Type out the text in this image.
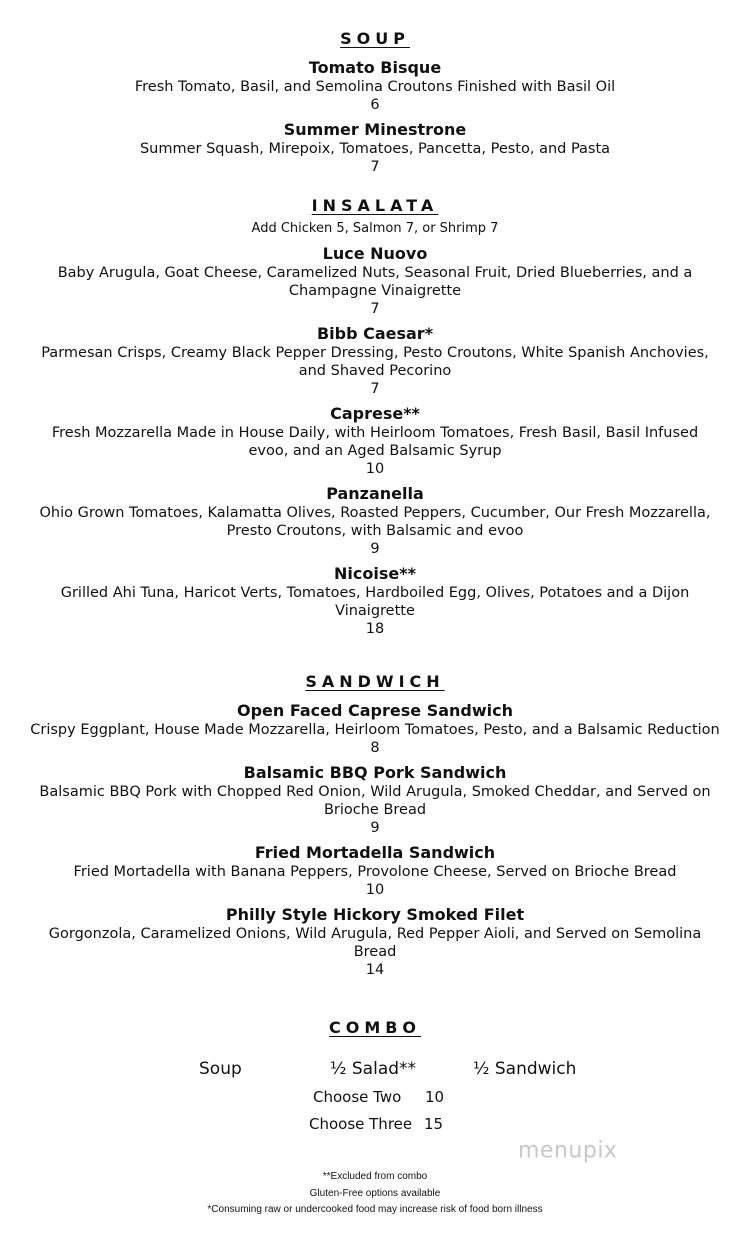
SOUP

Tomato Bisque

Fresh Tomato, Basil, and Semolina Croutons Finished with Basil Oil

6

Summer Minestrone

Summer Squash, Mirepoix, Tomatoes, Pancetta, Pesto, and Pasta

7

INSALATA

Add Chicken 5, Salmon 7, or Shrimp 7

Luce Nuovo

Baby Arugula, Goat Cheese, Caramelized Nuts, Seasonal Fruit, Dried Blueberries, and a Champagne Vinaigrette

7

Bibb Caesar*

Parmesan Crisps, Creamy Black Pepper Dressing, Pesto Croutons, White Spanish Anchovies, and Shaved Pecorino

7

Caprese**

Fresh Mozzarella Made in House Daily, with Heirloom Tomatoes, Fresh Basil, Basil Infused evoo, and an Aged Balsamic Syrup

10

Panzanella

Ohio Grown Tomatoes, Kalamatta Olives, Roasted Peppers, Cucumber, Our Fresh Mozzarella, Presto Croutons, with Balsamic and evoo

9

Nicoise**

Grilled Ahi Tuna, Haricot Verts, Tomatoes, Hardboiled Egg, Olives, Potatoes and a Dijon Vinaigrette

18

SANDWICH

Open Faced Caprese Sandwich

Crispy Eggplant, House Made Mozzarella, Heirloom Tomatoes, Pesto, and a Balsamic Reduction

8

Balsamic BBQ Pork Sandwich

Balsamic BBQ Pork with Chopped Red Onion, Wild Arugula, Smoked Cheddar, and Served on Brioche Bread

9

Fried Mortadella Sandwich

Fried Mortadella with Banana Peppers, Provolone Cheese, Served on Brioche Bread

10

Philly Style Hickory Smoked Filet

Gorgonzola, Caramelized Onions, Wild Arugula, Red Pepper Aioli, and Served on Semolina Bread

14

COMBO

Soup	½ Salad**	½ Sandwich
Choose Two 10
Choose Three 15
menupix

**Excluded from combo

Gluten-Free options available

*Consuming raw or undercooked food may increase risk of food born illness
